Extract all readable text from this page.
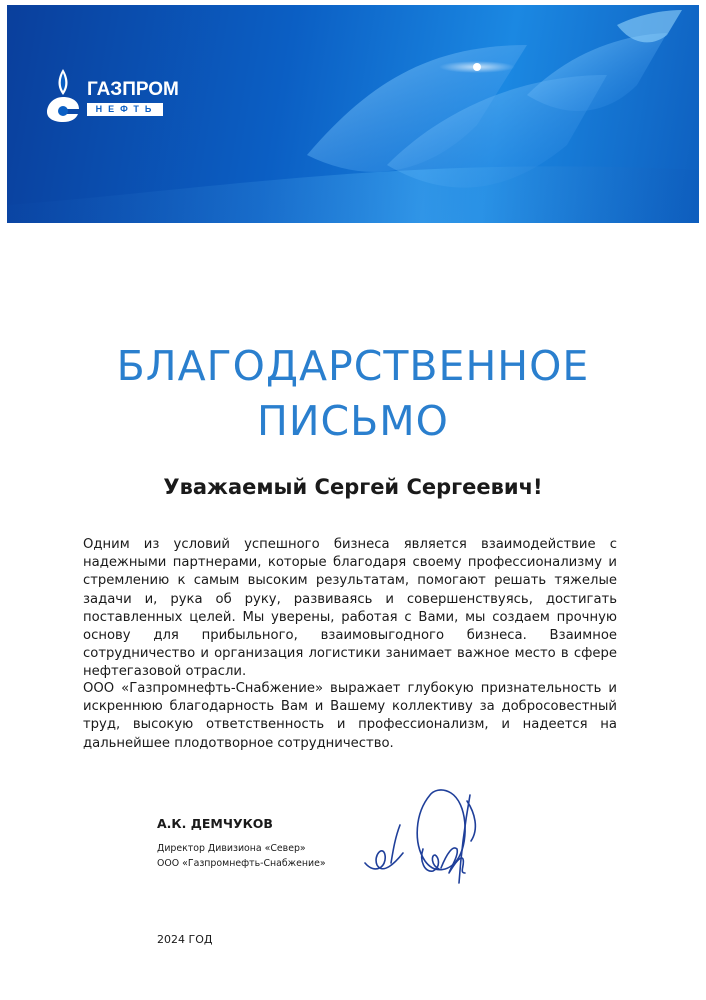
ГАЗПРОМ
НЕФТЬ
БЛАГОДАРСТВЕННОЕ
ПИСЬМО
Уважаемый Сергей Сергеевич!
Одним из условий успешного бизнеса является взаимодействие с надежными партнерами, которые благодаря своему профессионализму и стремлению к самым высоким результатам, помогают решать тяжелые задачи и, рука об руку, развиваясь и совершенствуясь, достигать поставленных целей. Мы уверены, работая с Вами, мы создаем прочную основу для прибыльного, взаимовыгодного бизнеса. Взаимное сотрудничество и организация логистики занимает важное место в сфере нефтегазовой отрасли.
ООО «Газпромнефть-Снабжение» выражает глубокую признательность и искреннюю благодарность Вам и Вашему коллективу за добросовестный труд, высокую ответственность и профессионализм, и надеется на дальнейшее плодотворное сотрудничество.
А.К. ДЕМЧУКОВ
Директор Дивизиона «Север»
ООО «Газпромнефть-Снабжение»
2024 ГОД
